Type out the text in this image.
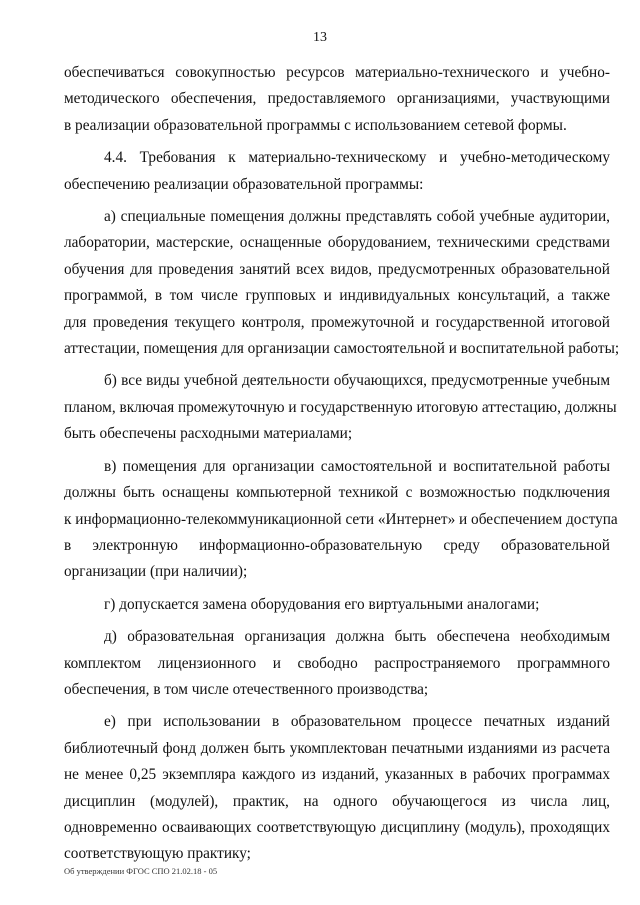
13

обеспечиваться совокупностью ресурсов материально-технического и учебно-
методического обеспечения, предоставляемого организациями, участвующими
в реализации образовательной программы с использованием сетевой формы.

4.4. Требования к материально-техническому и учебно-методическому
обеспечению реализации образовательной программы:

а) специальные помещения должны представлять собой учебные аудитории,
лаборатории, мастерские, оснащенные оборудованием, техническими средствами
обучения для проведения занятий всех видов, предусмотренных образовательной
программой, в том числе групповых и индивидуальных консультаций, а также
для проведения текущего контроля, промежуточной и государственной итоговой
аттестации, помещения для организации самостоятельной и воспитательной работы;

б) все виды учебной деятельности обучающихся, предусмотренные учебным
планом, включая промежуточную и государственную итоговую аттестацию, должны
быть обеспечены расходными материалами;

в) помещения для организации самостоятельной и воспитательной работы
должны быть оснащены компьютерной техникой с возможностью подключения
к информационно-телекоммуникационной сети «Интернет» и обеспечением доступа
в электронную информационно-образовательную среду образовательной
организации (при наличии);

г) допускается замена оборудования его виртуальными аналогами;

д) образовательная организация должна быть обеспечена необходимым
комплектом лицензионного и свободно распространяемого программного
обеспечения, в том числе отечественного производства;

е) при использовании в образовательном процессе печатных изданий
библиотечный фонд должен быть укомплектован печатными изданиями из расчета
не менее 0,25 экземпляра каждого из изданий, указанных в рабочих программах
дисциплин (модулей), практик, на одного обучающегося из числа лиц,
одновременно осваивающих соответствующую дисциплину (модуль), проходящих
соответствующую практику;

Об утверждении ФГОС СПО 21.02.18 - 05
